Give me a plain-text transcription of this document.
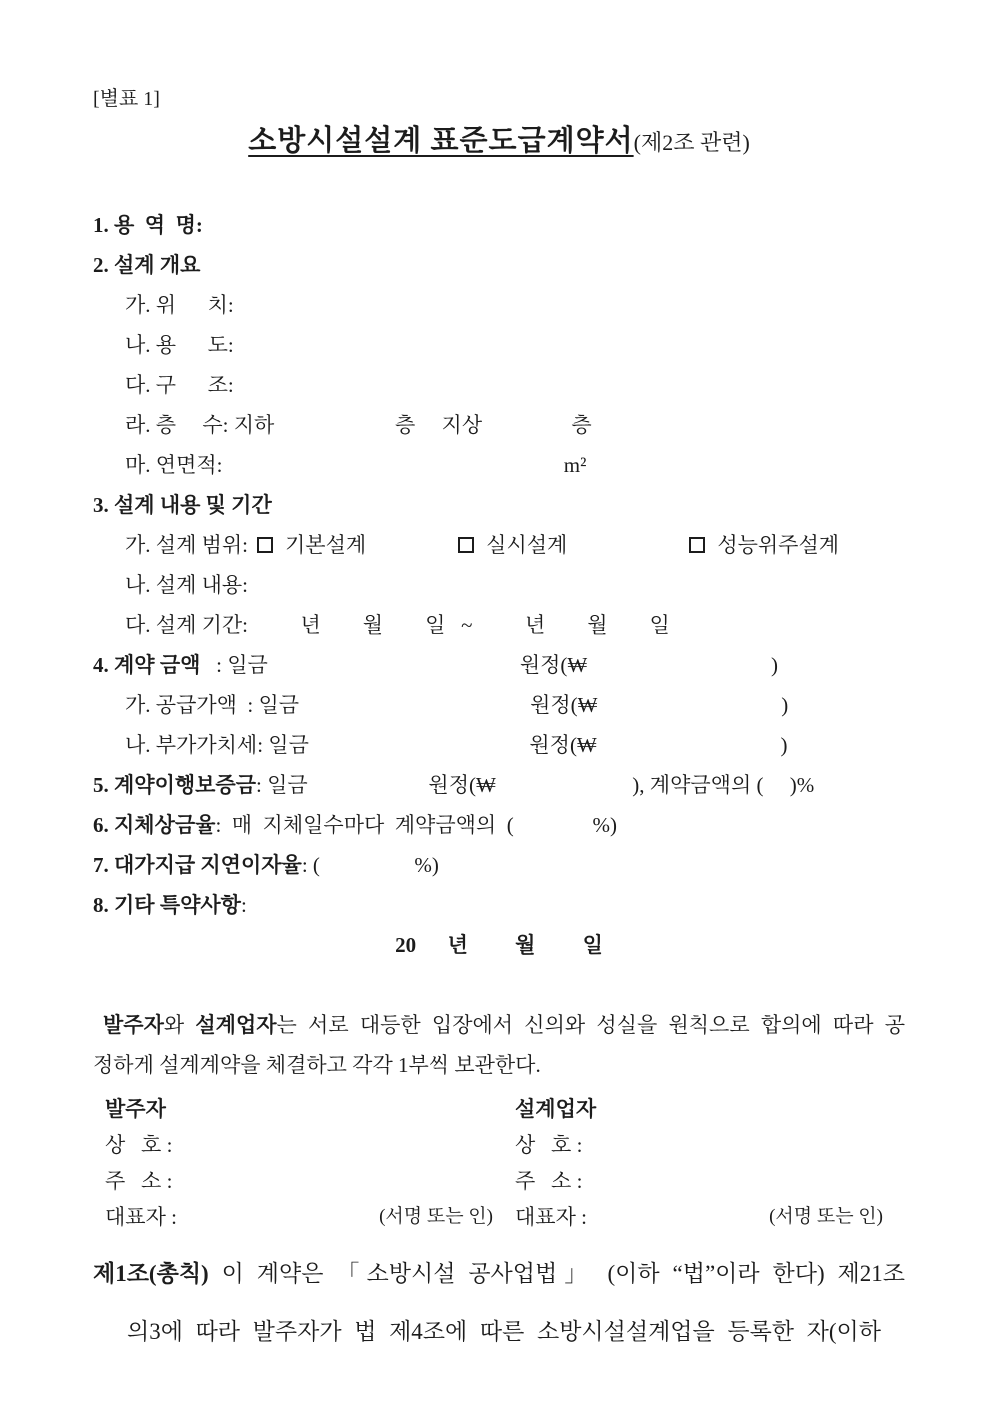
[별표 1]
소방시설설계 표준도급계약서(제2조 관련)
1. 용  역  명:
2. 설계 개요
가. 위      치:
나. 용      도:
다. 구      조:
라. 층     수: 지하                       층     지상                 층
마. 연면적:                                                                 m²
3. 설계 내용 및 기간
가. 설계 범위: 기본설계	실시설계	성능위주설계
나. 설계 내용:
다. 설계 기간:          년        월        일   ~          년        월        일
4. 계약 금액   : 일금                                                원정(₩                                   )
가. 공급가액  : 일금                                            원정(₩                                   )
나. 부가가치세: 일금                                          원정(₩                                   )
5. 계약이행보증금: 일금                       원정(₩                          ), 계약금액의 (     )%
6. 지체상금율:  매  지체일수마다  계약금액의  (               %)
7. 대가지급 지연이자율: (                  %)
8. 기타 특약사항:
20      년         월         일
발주자와 설계업자는 서로 대등한 입장에서 신의와 성실을 원칙으로 합의에 따라 공
정하게 설계계약을 체결하고 각각 1부씩 보관한다.
발주자
상   호 :
주   소 :
대표자 :	(서명 또는 인)
설계업자
상   호 :
주   소 :
대표자 :	(서명 또는 인)
제1조(총칙) 이 계약은 「소방시설 공사업법」 (이하 “법”이라 한다) 제21조
의3에 따라 발주자가 법 제4조에 따른 소방시설설계업을 등록한 자(이하
